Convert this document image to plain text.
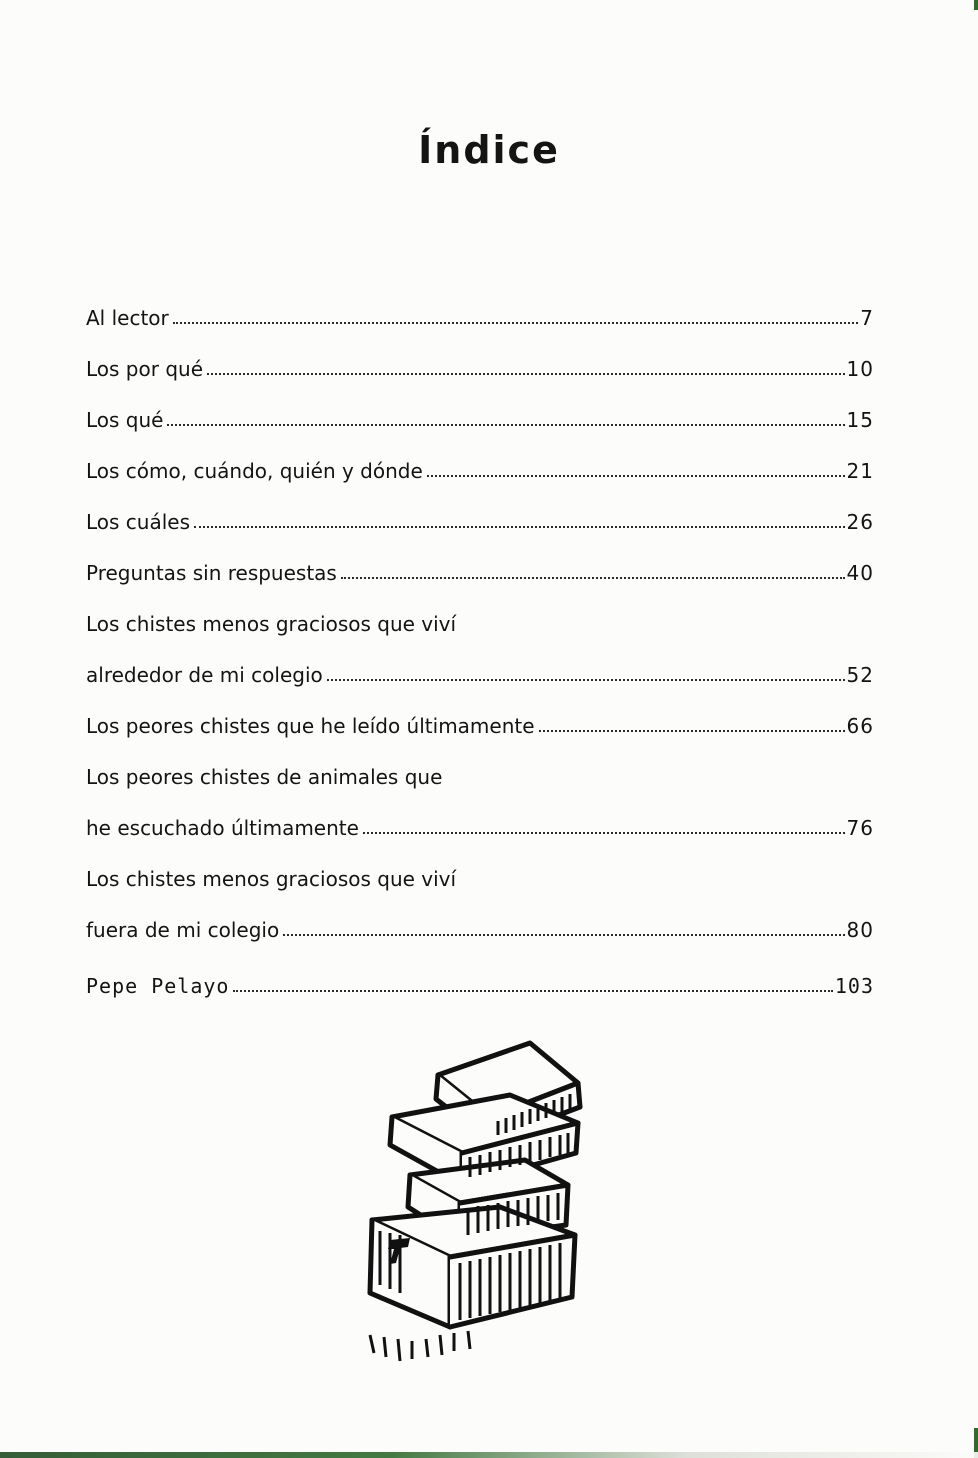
Índice
Al lector	7
Los por qué	10
Los qué	15
Los cómo, cuándo, quién y dónde	21
Los cuáles	26
Preguntas sin respuestas	40
Los chistes menos graciosos que viví
alrededor de mi colegio	52
Los peores chistes que he leído últimamente	66
Los peores chistes de animales que
he escuchado últimamente	76
Los chistes menos graciosos que viví
fuera de mi colegio	80
Pepe Pelayo	103
